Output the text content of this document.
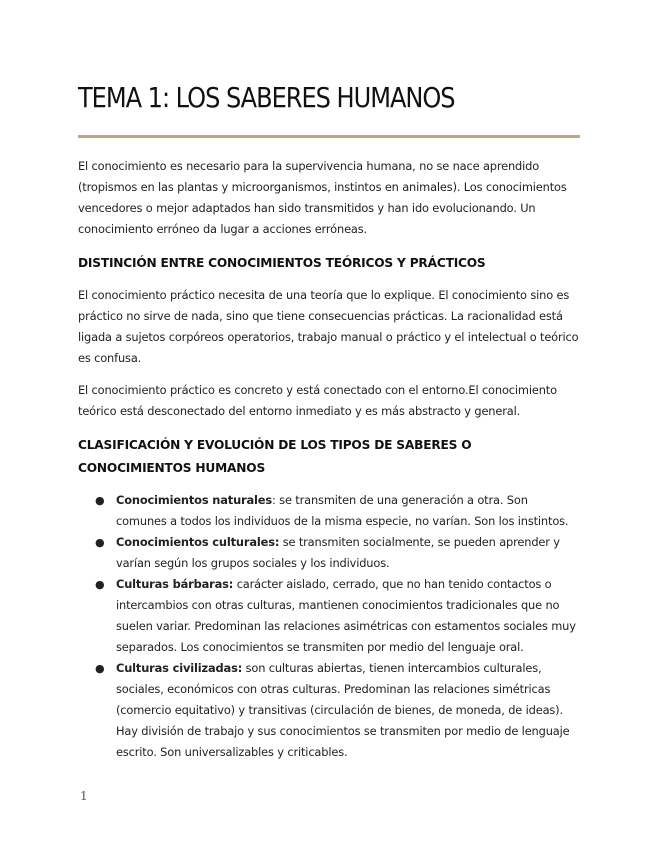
TEMA 1: LOS SABERES HUMANOS

El conocimiento es necesario para la supervivencia humana, no se nace aprendido (tropismos en las plantas y microorganismos, instintos en animales). Los conocimientos vencedores o mejor adaptados han sido transmitidos y han ido evolucionando. Un conocimiento erróneo da lugar a acciones erróneas.

DISTINCIÓN ENTRE CONOCIMIENTOS TEÓRICOS Y PRÁCTICOS

El conocimiento práctico necesita de una teoría que lo explique. El conocimiento sino es práctico no sirve de nada, sino que tiene consecuencias prácticas. La racionalidad está ligada a sujetos corpóreos operatorios, trabajo manual o práctico y el intelectual o teórico es confusa.

El conocimiento práctico es concreto y está conectado con el entorno.El conocimiento teórico está desconectado del entorno inmediato y es más abstracto y general.

CLASIFICACIÓN Y EVOLUCIÓN DE LOS TIPOS DE SABERES O CONOCIMIENTOS HUMANOS
● Conocimientos naturales: se transmiten de una generación a otra. Son comunes a todos los individuos de la misma especie, no varían. Son los instintos.
● Conocimientos culturales: se transmiten socialmente, se pueden aprender y varían según los grupos sociales y los individuos.
● Culturas bárbaras: carácter aislado, cerrado, que no han tenido contactos o intercambios con otras culturas, mantienen conocimientos tradicionales que no suelen variar. Predominan las relaciones asimétricas con estamentos sociales muy separados. Los conocimientos se transmiten por medio del lenguaje oral.
● Culturas civilizadas: son culturas abiertas, tienen intercambios culturales, sociales, económicos con otras culturas. Predominan las relaciones simétricas (comercio equitativo) y transitivas (circulación de bienes, de moneda, de ideas). Hay división de trabajo y sus conocimientos se transmiten por medio de lenguaje escrito. Son universalizables y criticables.
1
